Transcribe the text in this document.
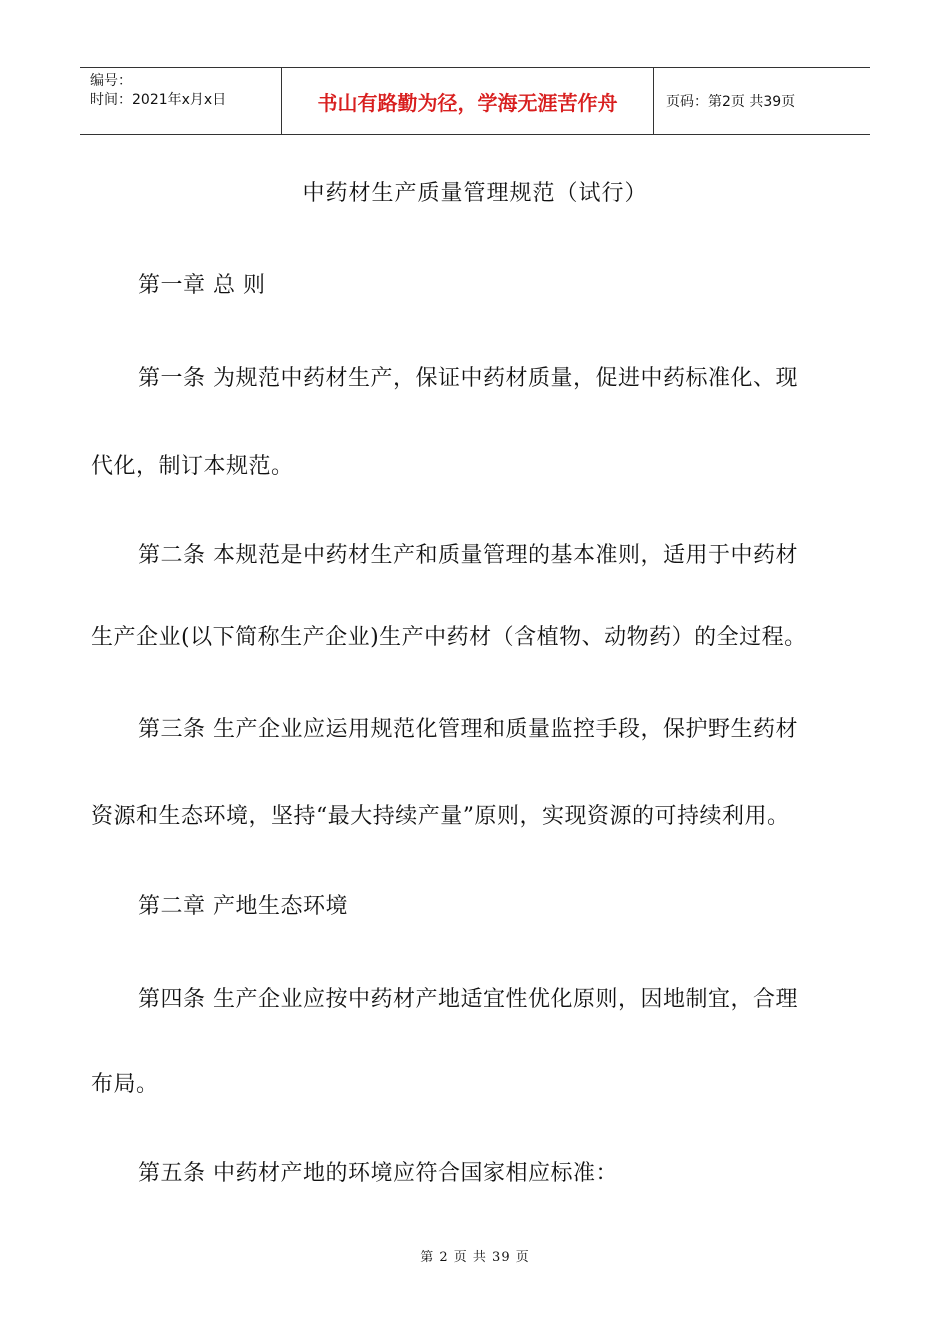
编号：
时间：2021年x月x日	书山有路勤为径，学海无涯苦作舟	页码：第2页 共39页
中药材生产质量管理规范（试行）
第一章 总 则
第一条 为规范中药材生产，保证中药材质量，促进中药标准化、现
代化，制订本规范。
第二条 本规范是中药材生产和质量管理的基本准则，适用于中药材
生产企业(以下简称生产企业)生产中药材（含植物、动物药）的全过程。
第三条 生产企业应运用规范化管理和质量监控手段，保护野生药材
资源和生态环境，坚持“最大持续产量”原则，实现资源的可持续利用。
第二章 产地生态环境
第四条 生产企业应按中药材产地适宜性优化原则，因地制宜，合理
布局。
第五条 中药材产地的环境应符合国家相应标准：
第 2 页 共 39 页
